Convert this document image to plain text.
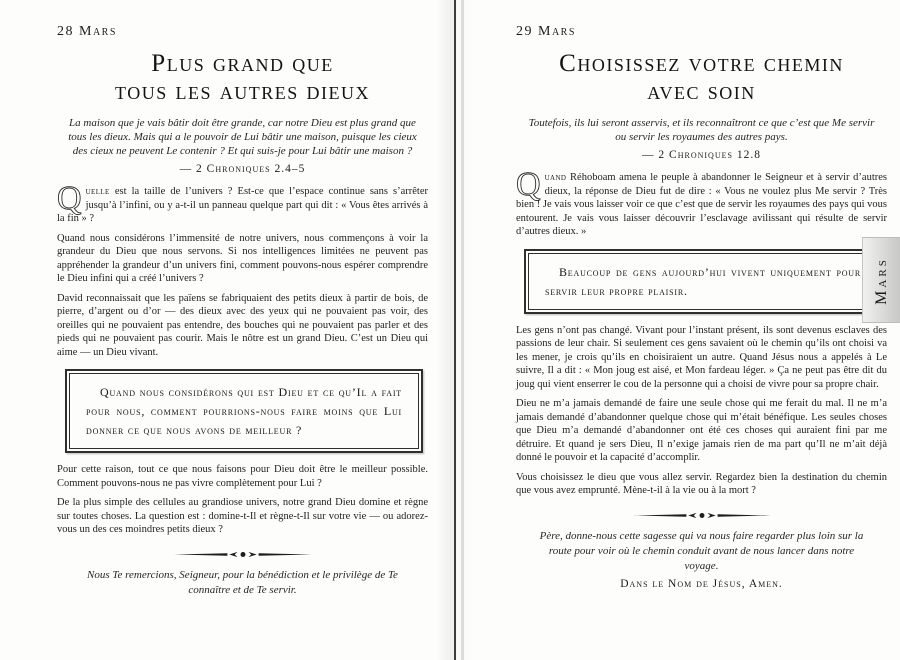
28 Mars
Plus grand que
tous les autres dieux
La maison que je vais bâtir doit être grande, car notre Dieu est plus grand que tous les dieux. Mais qui a le pouvoir de Lui bâtir une maison, puisque les cieux des cieux ne peuvent Le contenir ? Et qui suis-je pour Lui bâtir une maison ?
— 2 Chroniques 2.4–5

Quelle est la taille de l’univers ? Est-ce que l’espace continue sans s’arrêter jusqu’à l’infini, ou y a-t-il un panneau quelque part qui dit : « Vous êtes arrivés à la fin » ?

Quand nous considérons l’immensité de notre univers, nous commençons à voir la grandeur du Dieu que nous servons. Si nos intelligences limitées ne peuvent pas appréhender la grandeur d’un univers fini, comment pouvons-nous espérer comprendre le Dieu infini qui a créé l’univers ?

David reconnaissait que les païens se fabriquaient des petits dieux à partir de bois, de pierre, d’argent ou d’or — des dieux avec des yeux qui ne pouvaient pas voir, des oreilles qui ne pouvaient pas entendre, des bouches qui ne pouvaient pas parler et des pieds qui ne pouvaient pas courir. Mais le nôtre est un grand Dieu. C’est un Dieu qui aime — un Dieu vivant.

Quand nous considérons qui est Dieu et ce qu’Il a fait pour nous, comment pourrions-nous faire moins que Lui donner ce que nous avons de meilleur ?

Pour cette raison, tout ce que nous faisons pour Dieu doit être le meilleur possible. Comment pouvons-nous ne pas vivre complètement pour Lui ?

De la plus simple des cellules au grandiose univers, notre grand Dieu domine et règne sur toutes choses. La question est : domine-t-Il et règne-t-Il sur votre vie — ou adorez-vous un des ces moindres petits dieux ?

Nous Te remercions, Seigneur, pour la bénédiction et le privilège de Te connaître et de Te servir.
29 Mars
Choisissez votre chemin
avec soin
Toutefois, ils lui seront asservis, et ils reconnaîtront ce que c’est que Me servir ou servir les royaumes des autres pays.
— 2 Chroniques 12.8

Quand Réhoboam amena le peuple à abandonner le Seigneur et à servir d’autres dieux, la réponse de Dieu fut de dire : « Vous ne voulez plus Me servir ? Très bien ! Je vais vous laisser voir ce que c’est que de servir les royaumes des pays qui vous entourent. Je vais vous laisser découvrir l’esclavage avilissant qui résulte de servir d’autres dieux. »

Beaucoup de gens aujourd’hui vivent uniquement pour servir leur propre plaisir.

Les gens n’ont pas changé. Vivant pour l’instant présent, ils sont devenus esclaves des passions de leur chair. Si seulement ces gens savaient où le chemin qu’ils ont choisi va les mener, je crois qu’ils en choisiraient un autre. Quand Jésus nous a appelés à Le suivre, Il a dit : « Mon joug est aisé, et Mon fardeau léger. » Ça ne peut pas être dit du joug qui vient enserrer le cou de la personne qui a choisi de vivre pour sa propre chair.

Dieu ne m’a jamais demandé de faire une seule chose qui me ferait du mal. Il ne m’a jamais demandé d’abandonner quelque chose qui m’était bénéfique. Les seules choses que Dieu m’a demandé d’abandonner ont été ces choses qui auraient fini par me détruire. Et quand je sers Dieu, Il n’exige jamais rien de ma part qu’Il ne m’ait déjà donné le pouvoir et la capacité d’accomplir.

Vous choisissez le dieu que vous allez servir. Regardez bien la destination du chemin que vous avez emprunté. Mène-t-il à la vie ou à la mort ?

Père, donne-nous cette sagesse qui va nous faire regarder plus loin sur la route pour voir où le chemin conduit avant de nous lancer dans notre voyage.
Dans le Nom de Jésus, Amen.
Mars
